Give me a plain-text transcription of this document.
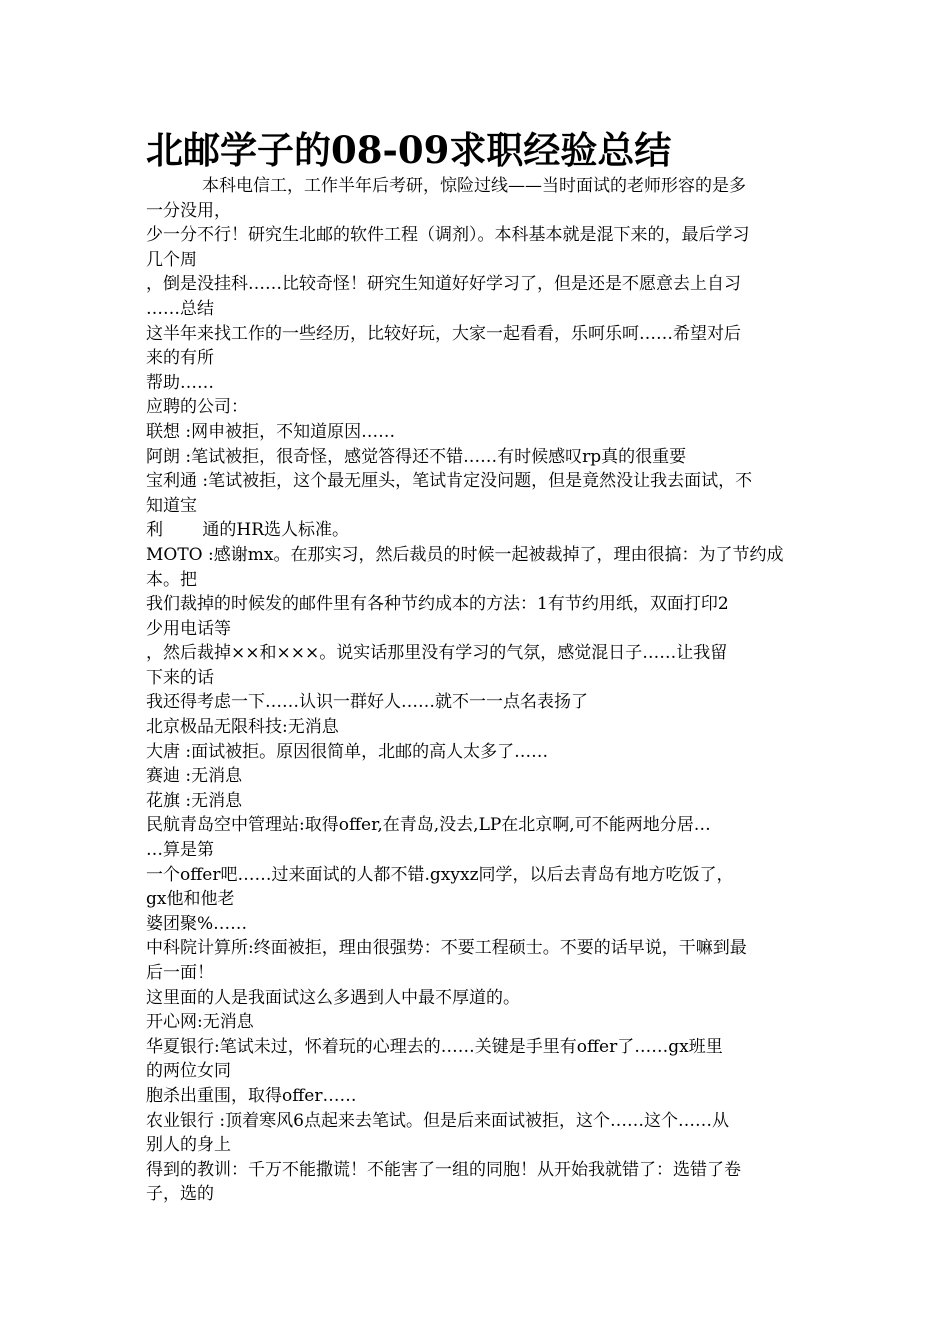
北邮学子的08-09求职经验总结
本科电信工，工作半年后考研，惊险过线——当时面试的老师形容的是多
一分没用，
少一分不行！研究生北邮的软件工程（调剂）。本科基本就是混下来的，最后学习
几个周
，倒是没挂科……比较奇怪！研究生知道好好学习了，但是还是不愿意去上自习
……总结
这半年来找工作的一些经历，比较好玩，大家一起看看，乐呵乐呵……希望对后
来的有所
帮助……
应聘的公司：
联想 :网申被拒，不知道原因……
阿朗 :笔试被拒，很奇怪，感觉答得还不错……有时候感叹rp真的很重要
宝利通 :笔试被拒，这个最无厘头，笔试肯定没问题，但是竟然没让我去面试，不
知道宝
利　　 通的HR选人标准。
MOTO :感谢mx。在那实习，然后裁员的时候一起被裁掉了，理由很搞：为了节约成
本。把
我们裁掉的时候发的邮件里有各种节约成本的方法：1有节约用纸，双面打印2
少用电话等
，然后裁掉××和×××。说实话那里没有学习的气氛，感觉混日子……让我留
下来的话
我还得考虑一下……认识一群好人……就不一一点名表扬了
北京极品无限科技:无消息
大唐 :面试被拒。原因很简单，北邮的高人太多了……
赛迪 :无消息
花旗 :无消息
民航青岛空中管理站:取得offer,在青岛,没去,LP在北京啊,可不能两地分居…
…算是第
一个offer吧……过来面试的人都不错.gxyxz同学，以后去青岛有地方吃饭了，
gx他和他老
婆团聚%……
中科院计算所:终面被拒，理由很强势：不要工程硕士。不要的话早说，干嘛到最
后一面！
这里面的人是我面试这么多遇到人中最不厚道的。
开心网:无消息
华夏银行:笔试未过，怀着玩的心理去的……关键是手里有offer了……gx班里
的两位女同
胞杀出重围，取得offer……
农业银行 :顶着寒风6点起来去笔试。但是后来面试被拒，这个……这个……从
别人的身上
得到的教训：千万不能撒谎！不能害了一组的同胞！从开始我就错了：选错了卷
子，选的
